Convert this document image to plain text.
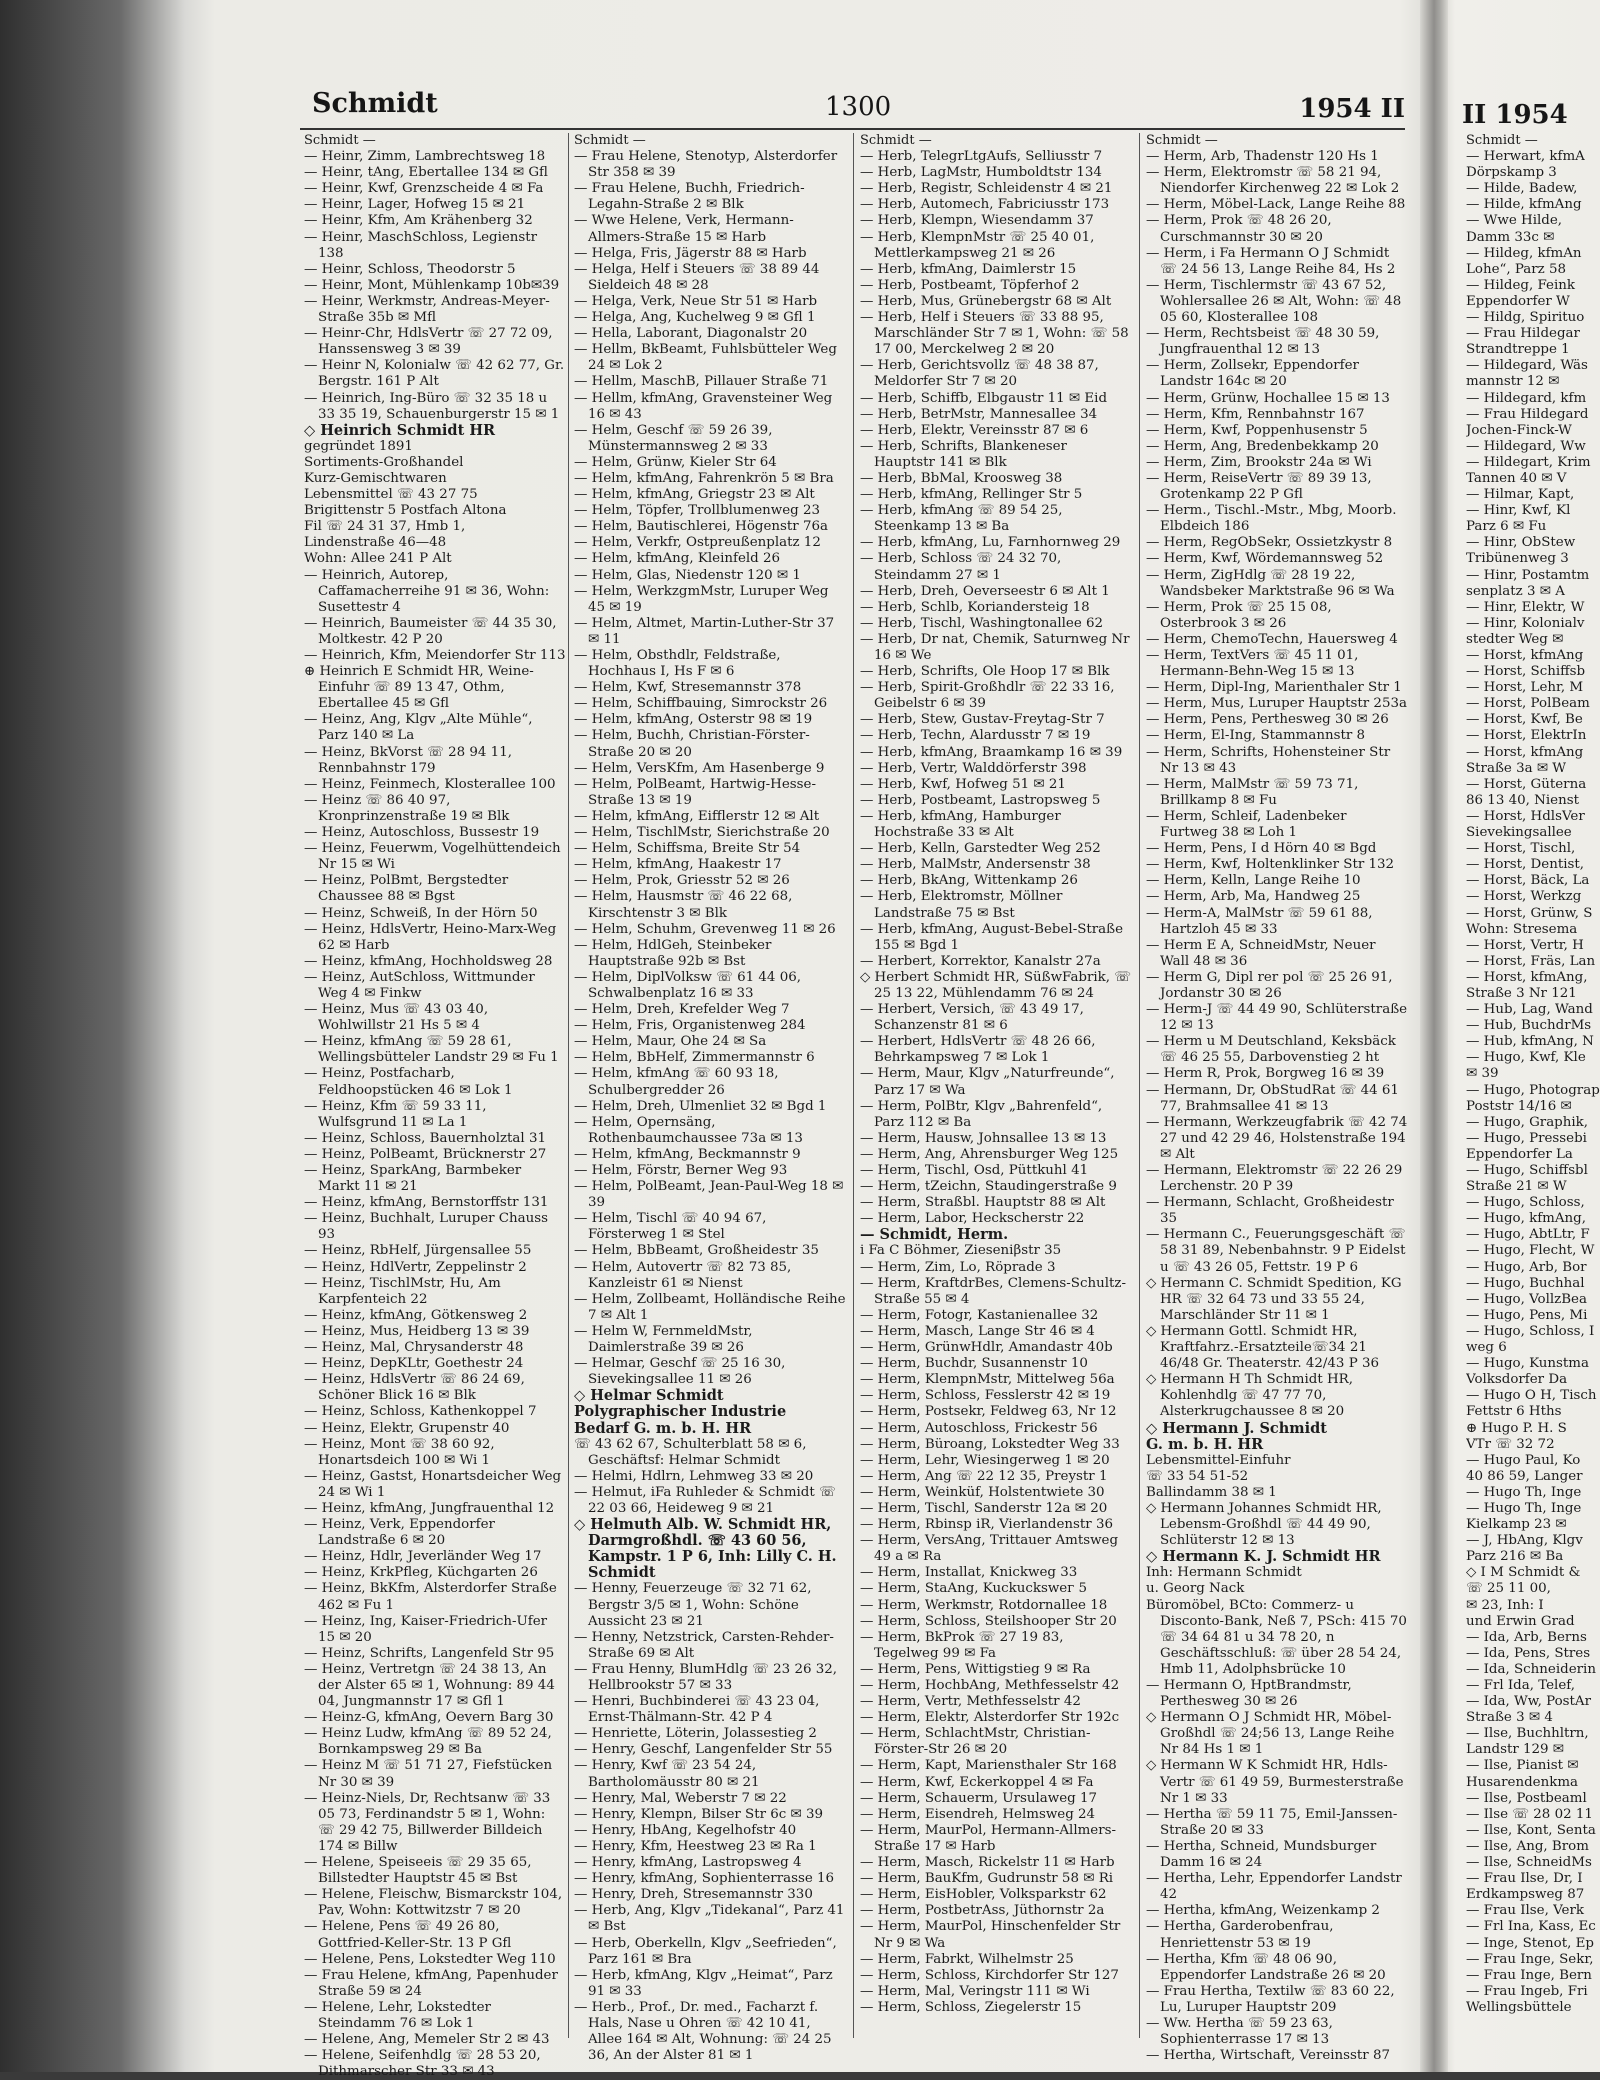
Schmidt	1300	1954 II II 1954

Schmidt —

— Heinr, Zimm, Lambrechtsweg 18

— Heinr, tAng, Ebertallee 134 ✉ Gfl

— Heinr, Kwf, Grenzscheide 4 ✉ Fa

— Heinr, Lager, Hofweg 15 ✉ 21

— Heinr, Kfm, Am Krähenberg 32

— Heinr, MaschSchloss, Legienstr 138

— Heinr, Schloss, Theodorstr 5

— Heinr, Mont, Mühlenkamp 10b✉39

— Heinr, Werkmstr, Andreas-Meyer-Straße 35b ✉ Mfl

— Heinr-Chr, HdlsVertr ☏ 27 72 09, Hanssensweg 3 ✉ 39

— Heinr N, Kolonialw ☏ 42 62 77, Gr. Bergstr. 161 P Alt

— Heinrich, Ing-Büro ☏ 32 35 18 u 33 35 19, Schauenburgerstr 15 ✉ 1

◇ Heinrich Schmidt HR

gegründet 1891

Sortiments-Großhandel

Kurz-Gemischtwaren

Lebensmittel ☏ 43 27 75

Brigittenstr 5 Postfach Altona

Fil ☏ 24 31 37, Hmb 1,

Lindenstraße 46—48

Wohn: Allee 241 P Alt

— Heinrich, Autorep, Caffamacherreihe 91 ✉ 36, Wohn: Susettestr 4

— Heinrich, Baumeister ☏ 44 35 30, Moltkestr. 42 P 20

— Heinrich, Kfm, Meiendorfer Str 113

⊕ Heinrich E Schmidt HR, Weine-Einfuhr ☏ 89 13 47, Othm, Ebertallee 45 ✉ Gfl

— Heinz, Ang, Klgv „Alte Mühle“, Parz 140 ✉ La

— Heinz, BkVorst ☏ 28 94 11, Rennbahnstr 179

— Heinz, Feinmech, Klosterallee 100

— Heinz ☏ 86 40 97, Kronprinzenstraße 19 ✉ Blk

— Heinz, Autoschloss, Bussestr 19

— Heinz, Feuerwm, Vogelhüttendeich Nr 15 ✉ Wi

— Heinz, PolBmt, Bergstedter Chaussee 88 ✉ Bgst

— Heinz, Schweiß, In der Hörn 50

— Heinz, HdlsVertr, Heino-Marx-Weg 62 ✉ Harb

— Heinz, kfmAng, Hochholdsweg 28

— Heinz, AutSchloss, Wittmunder Weg 4 ✉ Finkw

— Heinz, Mus ☏ 43 03 40, Wohlwillstr 21 Hs 5 ✉ 4

— Heinz, kfmAng ☏ 59 28 61, Wellingsbütteler Landstr 29 ✉ Fu 1

— Heinz, Postfacharb, Feldhoopstücken 46 ✉ Lok 1

— Heinz, Kfm ☏ 59 33 11, Wulfsgrund 11 ✉ La 1

— Heinz, Schloss, Bauernholztal 31

— Heinz, PolBeamt, Brücknerstr 27

— Heinz, SparkAng, Barmbeker Markt 11 ✉ 21

— Heinz, kfmAng, Bernstorffstr 131

— Heinz, Buchhalt, Luruper Chauss 93

— Heinz, RbHelf, Jürgensallee 55

— Heinz, HdlVertr, Zeppelinstr 2

— Heinz, TischlMstr, Hu, Am Karpfenteich 22

— Heinz, kfmAng, Götkensweg 2

— Heinz, Mus, Heidberg 13 ✉ 39

— Heinz, Mal, Chrysanderstr 48

— Heinz, DepKLtr, Goethestr 24

— Heinz, HdlsVertr ☏ 86 24 69, Schöner Blick 16 ✉ Blk

— Heinz, Schloss, Kathenkoppel 7

— Heinz, Elektr, Grupenstr 40

— Heinz, Mont ☏ 38 60 92, Honartsdeich 100 ✉ Wi 1

— Heinz, Gastst, Honartsdeicher Weg 24 ✉ Wi 1

— Heinz, kfmAng, Jungfrauenthal 12

— Heinz, Verk, Eppendorfer Landstraße 6 ✉ 20

— Heinz, Hdlr, Jeverländer Weg 17

— Heinz, KrkPfleg, Küchgarten 26

— Heinz, BkKfm, Alsterdorfer Straße 462 ✉ Fu 1

— Heinz, Ing, Kaiser-Friedrich-Ufer 15 ✉ 20

— Heinz, Schrifts, Langenfeld Str 95

— Heinz, Vertretgn ☏ 24 38 13, An der Alster 65 ✉ 1, Wohnung: 89 44 04, Jungmannstr 17 ✉ Gfl 1

— Heinz-G, kfmAng, Oevern Barg 30

— Heinz Ludw, kfmAng ☏ 89 52 24, Bornkampsweg 29 ✉ Ba

— Heinz M ☏ 51 71 27, Fiefstücken Nr 30 ✉ 39

— Heinz-Niels, Dr, Rechtsanw ☏ 33 05 73, Ferdinandstr 5 ✉ 1, Wohn: ☏ 29 42 75, Billwerder Billdeich 174 ✉ Billw

— Helene, Speiseeis ☏ 29 35 65, Billstedter Hauptstr 45 ✉ Bst

— Helene, Fleischw, Bismarckstr 104, Pav, Wohn: Kottwitzstr 7 ✉ 20

— Helene, Pens ☏ 49 26 80, Gottfried-Keller-Str. 13 P Gfl

— Helene, Pens, Lokstedter Weg 110

— Frau Helene, kfmAng, Papenhuder Straße 59 ✉ 24

— Helene, Lehr, Lokstedter Steindamm 76 ✉ Lok 1

— Helene, Ang, Memeler Str 2 ✉ 43

— Helene, Seifenhdlg ☏ 28 53 20, Dithmarscher Str 33 ✉ 43

Schmidt —

— Frau Helene, Stenotyp, Alsterdorfer Str 358 ✉ 39

— Frau Helene, Buchh, Friedrich-Legahn-Straße 2 ✉ Blk

— Wwe Helene, Verk, Hermann-Allmers-Straße 15 ✉ Harb

— Helga, Fris, Jägerstr 88 ✉ Harb

— Helga, Helf i Steuers ☏ 38 89 44 Sieldeich 48 ✉ 28

— Helga, Verk, Neue Str 51 ✉ Harb

— Helga, Ang, Kuchelweg 9 ✉ Gfl 1

— Hella, Laborant, Diagonalstr 20

— Hellm, BkBeamt, Fuhlsbütteler Weg 24 ✉ Lok 2

— Hellm, MaschB, Pillauer Straße 71

— Hellm, kfmAng, Gravensteiner Weg 16 ✉ 43

— Helm, Geschf ☏ 59 26 39, Münstermannsweg 2 ✉ 33

— Helm, Grünw, Kieler Str 64

— Helm, kfmAng, Fahrenkrön 5 ✉ Bra

— Helm, kfmAng, Griegstr 23 ✉ Alt

— Helm, Töpfer, Trollblumenweg 23

— Helm, Bautischlerei, Högenstr 76a

— Helm, Verkfr, Ostpreußenplatz 12

— Helm, kfmAng, Kleinfeld 26

— Helm, Glas, Niedenstr 120 ✉ 1

— Helm, WerkzgmMstr, Luruper Weg 45 ✉ 19

— Helm, Altmet, Martin-Luther-Str 37 ✉ 11

— Helm, Obsthdlr, Feldstraße, Hochhaus I, Hs F ✉ 6

— Helm, Kwf, Stresemannstr 378

— Helm, Schiffbauing, Simrockstr 26

— Helm, kfmAng, Osterstr 98 ✉ 19

— Helm, Buchh, Christian-Förster-Straße 20 ✉ 20

— Helm, VersKfm, Am Hasenberge 9

— Helm, PolBeamt, Hartwig-Hesse-Straße 13 ✉ 19

— Helm, kfmAng, Eifflerstr 12 ✉ Alt

— Helm, TischlMstr, Sierichstraße 20

— Helm, Schiffsma, Breite Str 54

— Helm, kfmAng, Haakestr 17

— Helm, Prok, Griesstr 52 ✉ 26

— Helm, Hausmstr ☏ 46 22 68, Kirschtenstr 3 ✉ Blk

— Helm, Schuhm, Grevenweg 11 ✉ 26

— Helm, HdlGeh, Steinbeker Hauptstraße 92b ✉ Bst

— Helm, DiplVolksw ☏ 61 44 06, Schwalbenplatz 16 ✉ 33

— Helm, Dreh, Krefelder Weg 7

— Helm, Fris, Organistenweg 284

— Helm, Maur, Ohe 24 ✉ Sa

— Helm, BbHelf, Zimmermannstr 6

— Helm, kfmAng ☏ 60 93 18, Schulbergredder 26

— Helm, Dreh, Ulmenliet 32 ✉ Bgd 1

— Helm, Opernsäng, Rothenbaumchaussee 73a ✉ 13

— Helm, kfmAng, Beckmannstr 9

— Helm, Förstr, Berner Weg 93

— Helm, PolBeamt, Jean-Paul-Weg 18 ✉ 39

— Helm, Tischl ☏ 40 94 67, Försterweg 1 ✉ Stel

— Helm, BbBeamt, Großheidestr 35

— Helm, Autovertr ☏ 82 73 85, Kanzleistr 61 ✉ Nienst

— Helm, Zollbeamt, Holländische Reihe 7 ✉ Alt 1

— Helm W, FernmeldMstr, Daimlerstraße 39 ✉ 26

— Helmar, Geschf ☏ 25 16 30, Sievekingsallee 11 ✉ 26

◇ Helmar Schmidt

Polygraphischer Industrie

Bedarf G. m. b. H. HR

☏ 43 62 67, Schulterblatt 58 ✉ 6, Geschäftsf: Helmar Schmidt

— Helmi, Hdlrn, Lehmweg 33 ✉ 20

— Helmut, iFa Ruhleder & Schmidt ☏ 22 03 66, Heideweg 9 ✉ 21

◇ Helmuth Alb. W. Schmidt HR, Darmgroßhdl. ☏ 43 60 56, Kampstr. 1 P 6, Inh: Lilly C. H. Schmidt

— Henny, Feuerzeuge ☏ 32 71 62, Bergstr 3/5 ✉ 1, Wohn: Schöne Aussicht 23 ✉ 21

— Henny, Netzstrick, Carsten-Rehder-Straße 69 ✉ Alt

— Frau Henny, BlumHdlg ☏ 23 26 32, Hellbrookstr 57 ✉ 33

— Henri, Buchbinderei ☏ 43 23 04, Ernst-Thälmann-Str. 42 P 4

— Henriette, Löterin, Jolassestieg 2

— Henry, Geschf, Langenfelder Str 55

— Henry, Kwf ☏ 23 54 24, Bartholomäusstr 80 ✉ 21

— Henry, Mal, Weberstr 7 ✉ 22

— Henry, Klempn, Bilser Str 6c ✉ 39

— Henry, HbAng, Kegelhofstr 40

— Henry, Kfm, Heestweg 23 ✉ Ra 1

— Henry, kfmAng, Lastropsweg 4

— Henry, kfmAng, Sophienterrasse 16

— Henry, Dreh, Stresemannstr 330

— Herb, Ang, Klgv „Tidekanal“, Parz 41 ✉ Bst

— Herb, Oberkelln, Klgv „Seefrieden“, Parz 161 ✉ Bra

— Herb, kfmAng, Klgv „Heimat“, Parz 91 ✉ 33

— Herb., Prof., Dr. med., Facharzt f. Hals, Nase u Ohren ☏ 42 10 41, Allee 164 ✉ Alt, Wohnung: ☏ 24 25 36, An der Alster 81 ✉ 1

Schmidt —

— Herb, TelegrLtgAufs, Selliusstr 7

— Herb, LagMstr, Humboldtstr 134

— Herb, Registr, Schleidenstr 4 ✉ 21

— Herb, Automech, Fabriciusstr 173

— Herb, Klempn, Wiesendamm 37

— Herb, KlempnMstr ☏ 25 40 01, Mettlerkampsweg 21 ✉ 26

— Herb, kfmAng, Daimlerstr 15

— Herb, Postbeamt, Töpferhof 2

— Herb, Mus, Grünebergstr 68 ✉ Alt

— Herb, Helf i Steuers ☏ 33 88 95, Marschländer Str 7 ✉ 1, Wohn: ☏ 58 17 00, Merckelweg 2 ✉ 20

— Herb, Gerichtsvollz ☏ 48 38 87, Meldorfer Str 7 ✉ 20

— Herb, Schiffb, Elbgaustr 11 ✉ Eid

— Herb, BetrMstr, Mannesallee 34

— Herb, Elektr, Vereinsstr 87 ✉ 6

— Herb, Schrifts, Blankeneser Hauptstr 141 ✉ Blk

— Herb, BbMal, Kroosweg 38

— Herb, kfmAng, Rellinger Str 5

— Herb, kfmAng ☏ 89 54 25, Steenkamp 13 ✉ Ba

— Herb, kfmAng, Lu, Farnhornweg 29

— Herb, Schloss ☏ 24 32 70, Steindamm 27 ✉ 1

— Herb, Dreh, Oeverseestr 6 ✉ Alt 1

— Herb, Schlb, Koriandersteig 18

— Herb, Tischl, Washingtonallee 62

— Herb, Dr nat, Chemik, Saturnweg Nr 16 ✉ We

— Herb, Schrifts, Ole Hoop 17 ✉ Blk

— Herb, Spirit-Großhdlr ☏ 22 33 16, Geibelstr 6 ✉ 39

— Herb, Stew, Gustav-Freytag-Str 7

— Herb, Techn, Alardusstr 7 ✉ 19

— Herb, kfmAng, Braamkamp 16 ✉ 39

— Herb, Vertr, Walddörferstr 398

— Herb, Kwf, Hofweg 51 ✉ 21

— Herb, Postbeamt, Lastropsweg 5

— Herb, kfmAng, Hamburger Hochstraße 33 ✉ Alt

— Herb, Kelln, Garstedter Weg 252

— Herb, MalMstr, Andersenstr 38

— Herb, BkAng, Wittenkamp 26

— Herb, Elektromstr, Möllner Landstraße 75 ✉ Bst

— Herb, kfmAng, August-Bebel-Straße 155 ✉ Bgd 1

— Herbert, Korrektor, Kanalstr 27a

◇ Herbert Schmidt HR, SüßwFabrik, ☏ 25 13 22, Mühlendamm 76 ✉ 24

— Herbert, Versich, ☏ 43 49 17, Schanzenstr 81 ✉ 6

— Herbert, HdlsVertr ☏ 48 26 66, Behrkampsweg 7 ✉ Lok 1

— Herm, Maur, Klgv „Naturfreunde“, Parz 17 ✉ Wa

— Herm, PolBtr, Klgv „Bahrenfeld“, Parz 112 ✉ Ba

— Herm, Hausw, Johnsallee 13 ✉ 13

— Herm, Ang, Ahrensburger Weg 125

— Herm, Tischl, Osd, Püttkuhl 41

— Herm, tZeichn, Staudingerstraße 9

— Herm, Straßbl. Hauptstr 88 ✉ Alt

— Herm, Labor, Heckscherstr 22

— Schmidt, Herm.

i Fa C Böhmer, Zieseniβstr 35

— Herm, Zim, Lo, Röprade 3

— Herm, KraftdrBes, Clemens-Schultz-Straße 55 ✉ 4

— Herm, Fotogr, Kastanienallee 32

— Herm, Masch, Lange Str 46 ✉ 4

— Herm, GrünwHdlr, Amandastr 40b

— Herm, Buchdr, Susannenstr 10

— Herm, KlempnMstr, Mittelweg 56a

— Herm, Schloss, Fesslerstr 42 ✉ 19

— Herm, Postsekr, Feldweg 63, Nr 12

— Herm, Autoschloss, Frickestr 56

— Herm, Büroang, Lokstedter Weg 33

— Herm, Lehr, Wiesingerweg 1 ✉ 20

— Herm, Ang ☏ 22 12 35, Preystr 1

— Herm, Weinküf, Holstentwiete 30

— Herm, Tischl, Sanderstr 12a ✉ 20

— Herm, Rbinsp iR, Vierlandenstr 36

— Herm, VersAng, Trittauer Amtsweg 49 a ✉ Ra

— Herm, Installat, Knickweg 33

— Herm, StaAng, Kuckuckswег 5

— Herm, Werkmstr, Rotdornallee 18

— Herm, Schloss, Steilshooper Str 20

— Herm, BkProk ☏ 27 19 83, Tegelweg 99 ✉ Fa

— Herm, Pens, Wittigstieg 9 ✉ Ra

— Herm, HochbAng, Methfesselstr 42

— Herm, Vertr, Methfesselstr 42

— Herm, Elektr, Alsterdorfer Str 192c

— Herm, SchlachtMstr, Christian-Förster-Str 26 ✉ 20

— Herm, Kapt, Mariensthaler Str 168

— Herm, Kwf, Eckerkoppel 4 ✉ Fa

— Herm, Schauerm, Ursulaweg 17

— Herm, Eisendreh, Helmsweg 24

— Herm, MaurPol, Hermann-Allmers-Straße 17 ✉ Harb

— Herm, Masch, Rickelstr 11 ✉ Harb

— Herm, BauKfm, Gudrunstr 58 ✉ Ri

— Herm, EisHobler, Volksparkstr 62

— Herm, PostbetrAss, Jüthornstr 2a

— Herm, MaurPol, Hinschenfelder Str Nr 9 ✉ Wa

— Herm, Fabrkt, Wilhelmstr 25

— Herm, Schloss, Kirchdorfer Str 127

— Herm, Mal, Veringstr 111 ✉ Wi

— Herm, Schloss, Ziegelerstr 15

Schmidt —

— Herm, Arb, Thadenstr 120 Hs 1

— Herm, Elektromstr ☏ 58 21 94, Niendorfer Kirchenweg 22 ✉ Lok 2

— Herm, Möbel-Lack, Lange Reihe 88

— Herm, Prok ☏ 48 26 20, Curschmannstr 30 ✉ 20

— Herm, i Fa Hermann O J Schmidt ☏ 24 56 13, Lange Reihe 84, Hs 2

— Herm, Tischlermstr ☏ 43 67 52, Wohlersallee 26 ✉ Alt, Wohn: ☏ 48 05 60, Klosterallee 108

— Herm, Rechtsbeist ☏ 48 30 59, Jungfrauenthal 12 ✉ 13

— Herm, Zollsekr, Eppendorfer Landstr 164c ✉ 20

— Herm, Grünw, Hochallee 15 ✉ 13

— Herm, Kfm, Rennbahnstr 167

— Herm, Kwf, Poppenhusenstr 5

— Herm, Ang, Bredenbekkamp 20

— Herm, Zim, Brookstr 24a ✉ Wi

— Herm, ReiseVertr ☏ 89 39 13, Grotenkamp 22 P Gfl

— Herm., Tischl.-Mstr., Mbg, Moorb. Elbdeich 186

— Herm, RegObSekr, Ossietzkystr 8

— Herm, Kwf, Wördemannsweg 52

— Herm, ZigHdlg ☏ 28 19 22, Wandsbeker Marktstraße 96 ✉ Wa

— Herm, Prok ☏ 25 15 08, Osterbrook 3 ✉ 26

— Herm, ChemoTechn, Hauersweg 4

— Herm, TextVers ☏ 45 11 01, Hermann-Behn-Weg 15 ✉ 13

— Herm, Dipl-Ing, Marienthaler Str 1

— Herm, Mus, Luruper Hauptstr 253a

— Herm, Pens, Perthesweg 30 ✉ 26

— Herm, El-Ing, Stammannstr 8

— Herm, Schrifts, Hohensteiner Str Nr 13 ✉ 43

— Herm, MalMstr ☏ 59 73 71, Brillkamp 8 ✉ Fu

— Herm, Schleif, Ladenbeker Furtweg 38 ✉ Loh 1

— Herm, Pens, I d Hörn 40 ✉ Bgd

— Herm, Kwf, Holtenklinker Str 132

— Herm, Kelln, Lange Reihe 10

— Herm, Arb, Ma, Handweg 25

— Herm-A, MalMstr ☏ 59 61 88, Hartzloh 45 ✉ 33

— Herm E A, SchneidMstr, Neuer Wall 48 ✉ 36

— Herm G, Dipl rer pol ☏ 25 26 91, Jordanstr 30 ✉ 26

— Herm-J ☏ 44 49 90, Schlüterstraße 12 ✉ 13

— Herm u M Deutschland, Keksbäck ☏ 46 25 55, Darbovenstieg 2 ht

— Herm R, Prok, Borgweg 16 ✉ 39

— Hermann, Dr, ObStudRat ☏ 44 61 77, Brahmsallee 41 ✉ 13

— Hermann, Werkzeugfabrik ☏ 42 74 27 und 42 29 46, Holstenstraße 194 ✉ Alt

— Hermann, Elektromstr ☏ 22 26 29 Lerchenstr. 20 P 39

— Hermann, Schlacht, Großheidestr 35

— Hermann C., Feuerungsgeschäft ☏ 58 31 89, Nebenbahnstr. 9 P Eidelst u ☏ 43 26 05, Fettstr. 19 P 6

◇ Hermann C. Schmidt Spedition, KG HR ☏ 32 64 73 und 33 55 24, Marschländer Str 11 ✉ 1

◇ Hermann Gottl. Schmidt HR, Kraftfahrz.-Ersatzteile☏34 21 46/48 Gr. Theaterstr. 42/43 P 36

◇ Hermann H Th Schmidt HR, Kohlenhdlg ☏ 47 77 70, Alsterkrugchaussee 8 ✉ 20

◇ Hermann J. Schmidt

G. m. b. H. HR

Lebensmittel-Einfuhr

☏ 33 54 51-52

Ballindamm 38 ✉ 1

◇ Hermann Johannes Schmidt HR, Lebensm-Großhdl ☏ 44 49 90, Schlüterstr 12 ✉ 13

◇ Hermann K. J. Schmidt HR

Inh: Hermann Schmidt

u. Georg Nack

Büromöbel, BCto: Commerz- u Disconto-Bank, Neß 7, PSch: 415 70 ☏ 34 64 81 u 34 78 20, n Geschäftsschluß: ☏ über 28 54 24, Hmb 11, Adolphsbrücke 10

— Hermann O, HptBrandmstr, Perthesweg 30 ✉ 26

◇ Hermann O J Schmidt HR, Möbel-Großhdl ☏ 24;56 13, Lange Reihe Nr 84 Hs 1 ✉ 1

◇ Hermann W K Schmidt HR, Hdls-Vertr ☏ 61 49 59, Burmesterstraße Nr 1 ✉ 33

— Hertha ☏ 59 11 75, Emil-Janssen-Straße 20 ✉ 33

— Hertha, Schneid, Mundsburger Damm 16 ✉ 24

— Hertha, Lehr, Eppendorfer Landstr 42

— Hertha, kfmAng, Weizenkamp 2

— Hertha, Garderobenfrau, Henriettenstr 53 ✉ 19

— Hertha, Kfm ☏ 48 06 90, Eppendorfer Landstraße 26 ✉ 20

— Frau Hertha, Textilw ☏ 83 60 22, Lu, Luruper Hauptstr 209

— Ww. Hertha ☏ 59 23 63, Sophienterrasse 17 ✉ 13

— Hertha, Wirtschaft, Vereinsstr 87

Schmidt —

— Herwart, kfmA

Dörpskamp 3

— Hilde, Badew,

— Hilde, kfmAng

— Wwe Hilde,

Damm 33c ✉

— Hildeg, kfmAn

Lohe“, Parz 58

— Hildeg, Feink

Eppendorfer W

— Hildg, Spirituo

— Frau Hildegar

Strandtreppe 1

— Hildegard, Wäs

mannstr 12 ✉

— Hildegard, kfm

— Frau Hildegard

Jochen-Finck-W

— Hildegard, Ww

— Hildegart, Krim

Tannen 40 ✉ V

— Hilmar, Kapt,

— Hinr, Kwf, Kl

Parz 6 ✉ Fu

— Hinr, ObStew

Tribünenweg 3

— Hinr, Postamtm

senplatz 3 ✉ A

— Hinr, Elektr, W

— Hinr, Kolonialv

stedter Weg ✉

— Horst, kfmAng

— Horst, Schiffsb

— Horst, Lehr, M

— Horst, PolBeam

— Horst, Kwf, Be

— Horst, ElektrIn

— Horst, kfmAng

Straße 3a ✉ W

— Horst, Güterna

86 13 40, Nienst

— Horst, HdlsVer

Sievekingsallee

— Horst, Tischl,

— Horst, Dentist,

— Horst, Bäck, La

— Horst, Werkzg

— Horst, Grünw, S

Wohn: Stresema

— Horst, Vertr, H

— Horst, Fräs, Lan

— Horst, kfmAng,

Straße 3 Nr 121

— Hub, Lag, Wand

— Hub, BuchdrMs

— Hub, kfmAng, N

— Hugo, Kwf, Kle

✉ 39

— Hugo, Photograp

Poststr 14/16 ✉

— Hugo, Graphik,

— Hugo, Pressebi

Eppendorfer La

— Hugo, Schiffsbl

Straße 21 ✉ W

— Hugo, Schloss,

— Hugo, kfmAng,

— Hugo, AbtLtr, F

— Hugo, Flecht, W

— Hugo, Arb, Bor

— Hugo, Buchhal

— Hugo, VollzBea

— Hugo, Pens, Mi

— Hugo, Schloss, I

weg 6

— Hugo, Kunstma

Volksdorfer Da

— Hugo O H, Tisch

Fettstr 6 Hths

⊕ Hugo P. H. S

VTr ☏ 32 72

— Hugo Paul, Ko

40 86 59, Langer

— Hugo Th, Inge

— Hugo Th, Inge

Kielkamp 23 ✉

— J, HbAng, Klgv

Parz 216 ✉ Ba

◇ I M Schmidt &

☏ 25 11 00,

✉ 23, Inh: I

und Erwin Grad

— Ida, Arb, Berns

— Ida, Pens, Stres

— Ida, Schneiderin

— Frl Ida, Telef,

— Ida, Ww, PostAr

Straße 3 ✉ 4

— Ilse, Buchhltrn,

Landstr 129 ✉

— Ilse, Pianist ✉

Husarendenkma

— Ilse, Postbeaml

— Ilse ☏ 28 02 11

— Ilse, Kont, Senta

— Ilse, Ang, Brom

— Ilse, SchneidMs

— Frau Ilse, Dr, I

Erdkampsweg 87

— Frau Ilse, Verk

— Frl Ina, Kass, Ec

— Inge, Stenot, Ep

— Frau Inge, Sekr,

— Frau Inge, Bern

— Frau Ingeb, Fri

Wellingsbüttele
